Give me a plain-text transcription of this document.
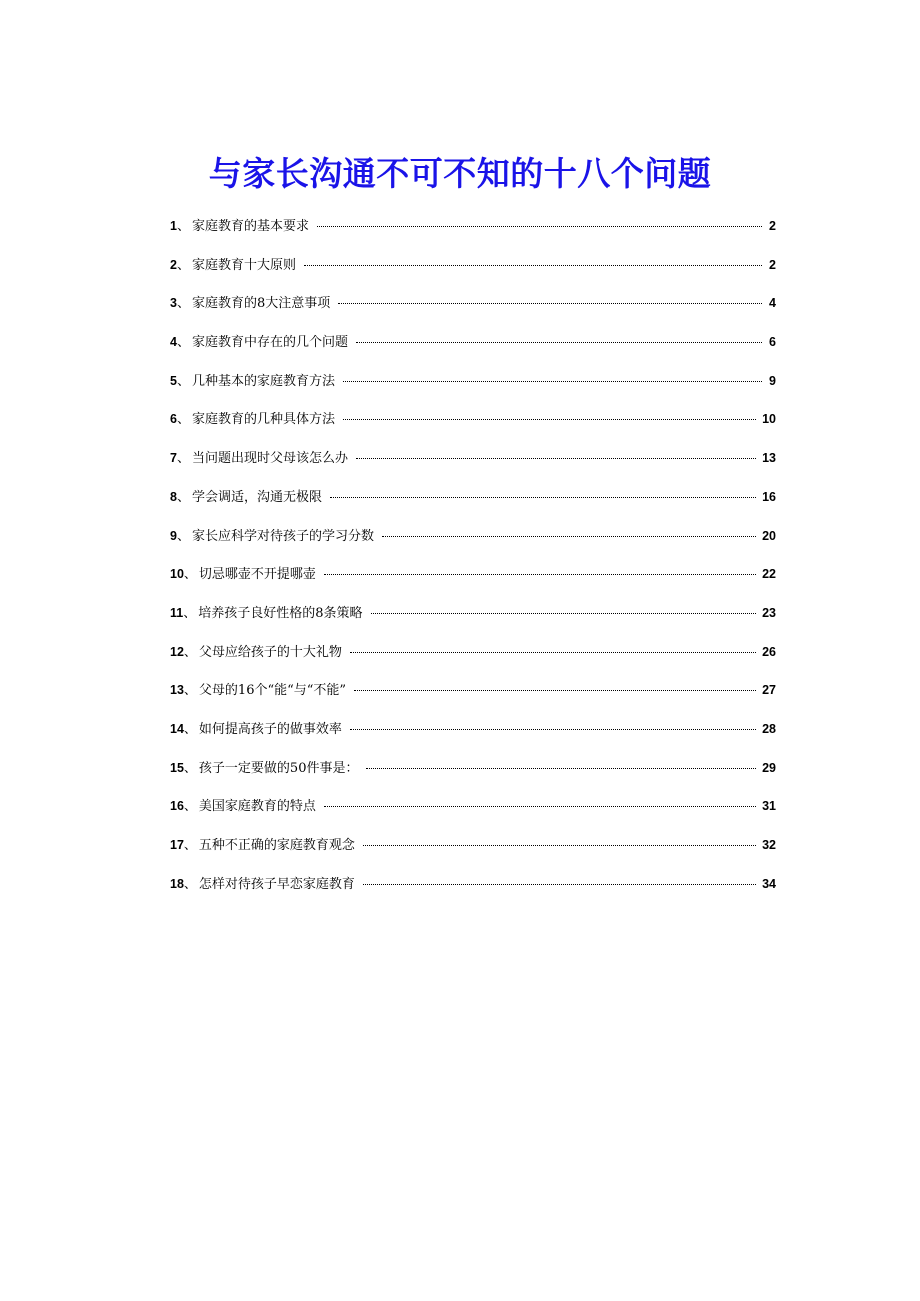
与家长沟通不可不知的十八个问题
1 、 家庭教育的基本要求	2
2 、 家庭教育十大原则	2
3 、 家庭教育的8大注意事项	4
4 、 家庭教育中存在的几个问题	6
5 、 几种基本的家庭教育方法	9
6 、 家庭教育的几种具体方法	10
7 、 当问题出现时父母该怎么办	13
8 、 学会调适，沟通无极限	16
9 、 家长应科学对待孩子的学习分数	20
10 、 切忌哪壶不开提哪壶	22
11 、 培养孩子良好性格的8条策略	23
12 、 父母应给孩子的十大礼物	26
13 、 父母的16个“能“与“不能”	27
14 、 如何提高孩子的做事效率	28
15 、 孩子一定要做的50件事是：	29
16 、 美国家庭教育的特点	31
17 、 五种不正确的家庭教育观念	32
18 、 怎样对待孩子早恋家庭教育	34
